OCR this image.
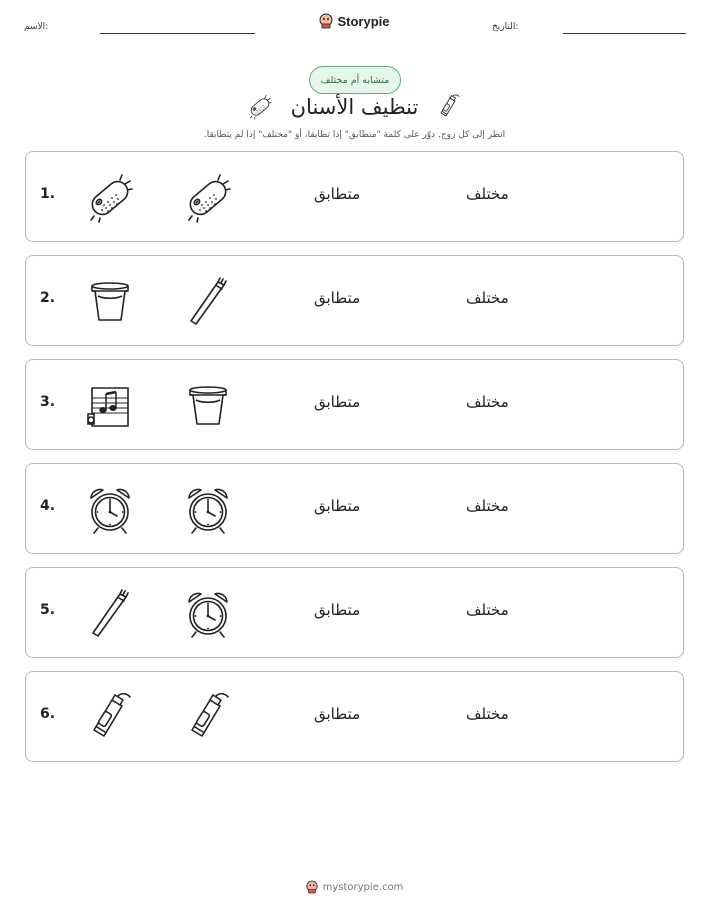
الاسم:	Storypie	التاريخ:
متشابه أم مختلف
تنظيف الأسنان
انظر إلى كل زوج. دوّر على كلمة "متطابق" إذا تطابقا، أو "مختلف" إذا لم يتطابقا.
1.	متطابق	مختلف
2.	متطابق	مختلف
3.	متطابق	مختلف
4.	متطابق	مختلف
5.	متطابق	مختلف
6.	متطابق	مختلف
mystorypie.com
